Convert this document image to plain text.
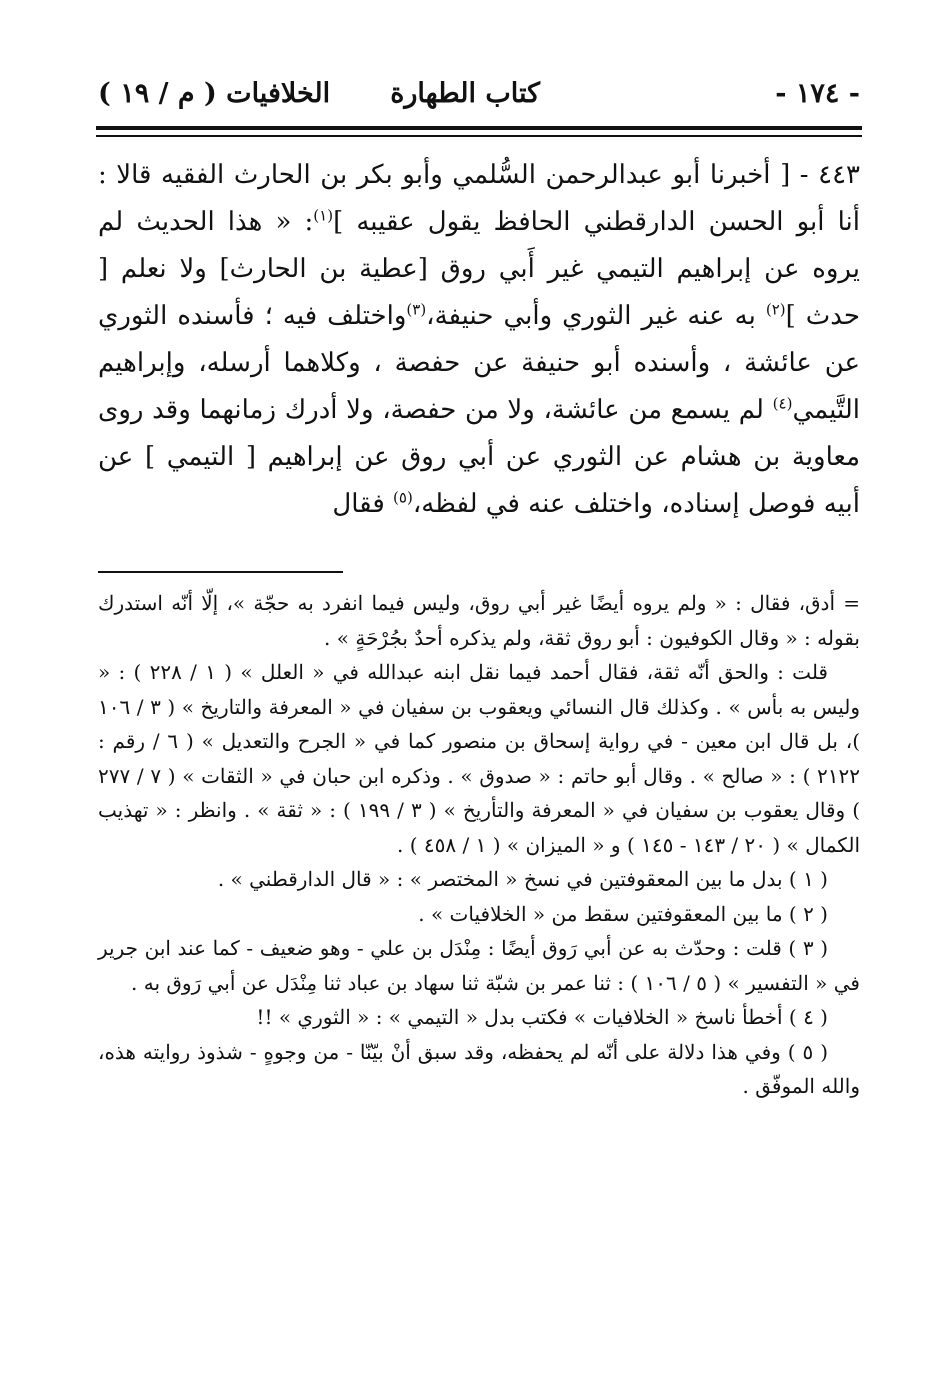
- ١٧٤ -
كتاب الطهارة
الخلافيات ( م / ١٩ )

٤٤٣ - [ أخبرنا أبو عبدالرحمن السُّلمي وأبو بكر بن الحارث الفقيه قالا : أنا أبو الحسن الدارقطني الحافظ يقول عقيبه ]$^{(١)}$: « هذا الحديث لم يروه عن إبراهيم التيمي غير أَبي روق [عطية بن الحارث] ولا نعلم [ حدث ]$^{(٢)}$ به عنه غير الثوري وأبي حنيفة،$^{(٣)}$واختلف فيه ؛ فأسنده الثوري عن عائشة ، وأسنده أبو حنيفة عن حفصة ، وكلاهما أرسله، وإبراهيم التَّيمي$^{(٤)}$ لم يسمع من عائشة، ولا من حفصة، ولا أدرك زمانهما وقد روى معاوية بن هشام عن الثوري عن أبي روق عن إبراهيم [ التيمي ] عن أبيه فوصل إسناده، واختلف عنه في لفظه،$^{(٥)}$ فقال

= أدق، فقال : « ولم يروه أيضًا غير أبي روق، وليس فيما انفرد به حجّة »، إلّا أنّه استدرك بقوله : « وقال الكوفيون : أبو روق ثقة، ولم يذكره أحدٌ بجُرْحَةٍ » .

قلت : والحق أنّه ثقة، فقال أحمد فيما نقل ابنه عبدالله في « العلل » ( ١ / ٢٢٨ ) : « وليس به بأس » . وكذلك قال النسائي ويعقوب بن سفيان في « المعرفة والتاريخ » ( ٣ / ١٠٦ )، بل قال ابن معين - في رواية إسحاق بن منصور كما في « الجرح والتعديل » ( ٦ / رقم : ٢١٢٢ ) : « صالح » . وقال أبو حاتم : « صدوق » . وذكره ابن حبان في « الثقات » ( ٧ / ٢٧٧ ) وقال يعقوب بن سفيان في « المعرفة والتأريخ » ( ٣ / ١٩٩ ) : « ثقة » . وانظر : « تهذيب الكمال » ( ٢٠ / ١٤٣ - ١٤٥ ) و « الميزان » ( ١ / ٤٥٨ ) .

( ١ ) بدل ما بين المعقوفتين في نسخ « المختصر » : « قال الدارقطني » .

( ٢ ) ما بين المعقوفتين سقط من « الخلافيات » .

( ٣ ) قلت : وحدّث به عن أبي رَوق أيضًا : مِنْدَل بن علي - وهو ضعيف - كما عند ابن جرير في « التفسير » ( ٥ / ١٠٦ ) : ثنا عمر بن شبّة ثنا سهاد بن عباد ثنا مِنْدَل عن أبي رَوق به .

( ٤ ) أخطأ ناسخ « الخلافيات » فكتب بدل « التيمي » : « الثوري » !!

( ٥ ) وفي هذا دلالة على أنّه لم يحفظه، وقد سبق أنْ بيّنّا - من وجوهٍ - شذوذ روايته هذه، والله الموفّق .
